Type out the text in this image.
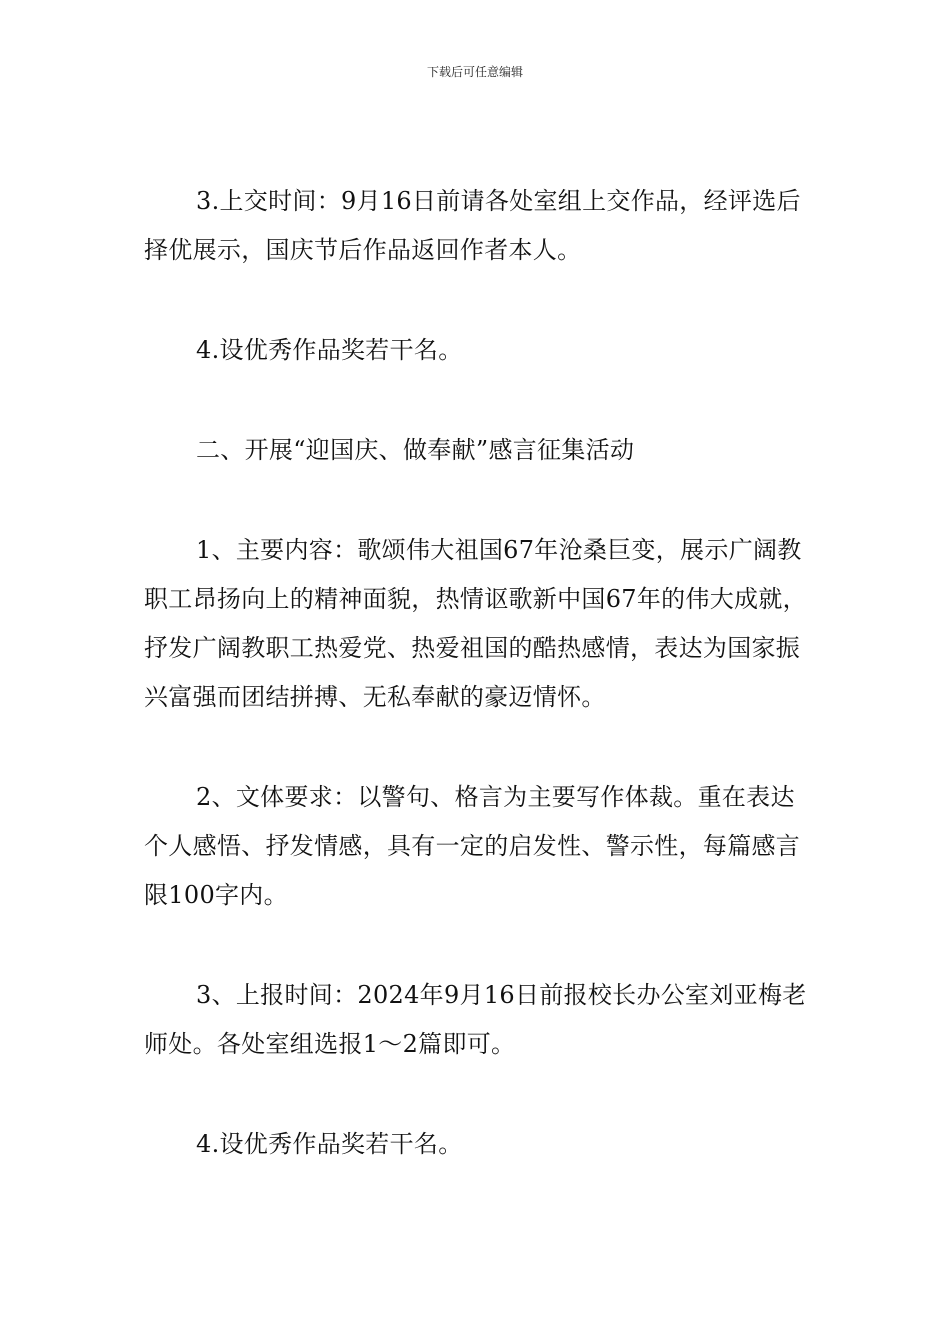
下载后可任意编辑

3.上交时间：9月16日前请各处室组上交作品，经评选后择优展示，国庆节后作品返回作者本人。

4.设优秀作品奖若干名。

二、开展“迎国庆、做奉献”感言征集活动

1、主要内容：歌颂伟大祖国67年沧桑巨变，展示广阔教职工昂扬向上的精神面貌，热情讴歌新中国67年的伟大成就，抒发广阔教职工热爱党、热爱祖国的酷热感情，表达为国家振兴富强而团结拼搏、无私奉献的豪迈情怀。

2、文体要求：以警句、格言为主要写作体裁。重在表达个人感悟、抒发情感，具有一定的启发性、警示性，每篇感言限100字内。

3、上报时间：2024年9月16日前报校长办公室刘亚梅老师处。各处室组选报1～2篇即可。

4.设优秀作品奖若干名。
